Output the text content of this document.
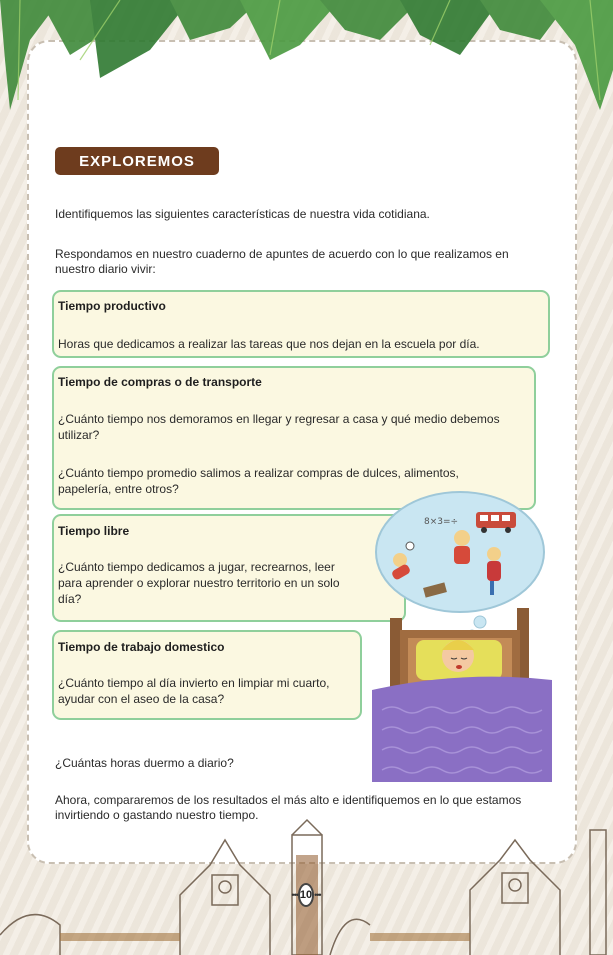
EXPLOREMOS
Identifiquemos las siguientes características de nuestra vida cotidiana.
Respondamos en nuestro cuaderno de apuntes de acuerdo con lo que realizamos en
nuestro diario vivir:
Tiempo productivo
Horas que dedicamos a realizar las tareas que nos dejan en la escuela por día.
Tiempo de compras o de transporte
¿Cuánto tiempo nos demoramos en llegar y regresar a casa y qué medio debemos
utilizar?
¿Cuánto tiempo promedio salimos a realizar compras de dulces, alimentos,
papelería, entre otros?
Tiempo libre
¿Cuánto tiempo dedicamos a jugar, recrearnos, leer
para aprender o explorar nuestro territorio en un solo
día?
Tiempo de trabajo domestico
¿Cuánto tiempo al día invierto en limpiar mi cuarto,
ayudar con el aseo de la casa?
¿Cuántas horas duermo a diario?
Ahora, compararemos de los resultados el más alto e identifiquemos en lo que estamos
invirtiendo o gastando nuestro tiempo.
8×3=÷
••• 10 •••
